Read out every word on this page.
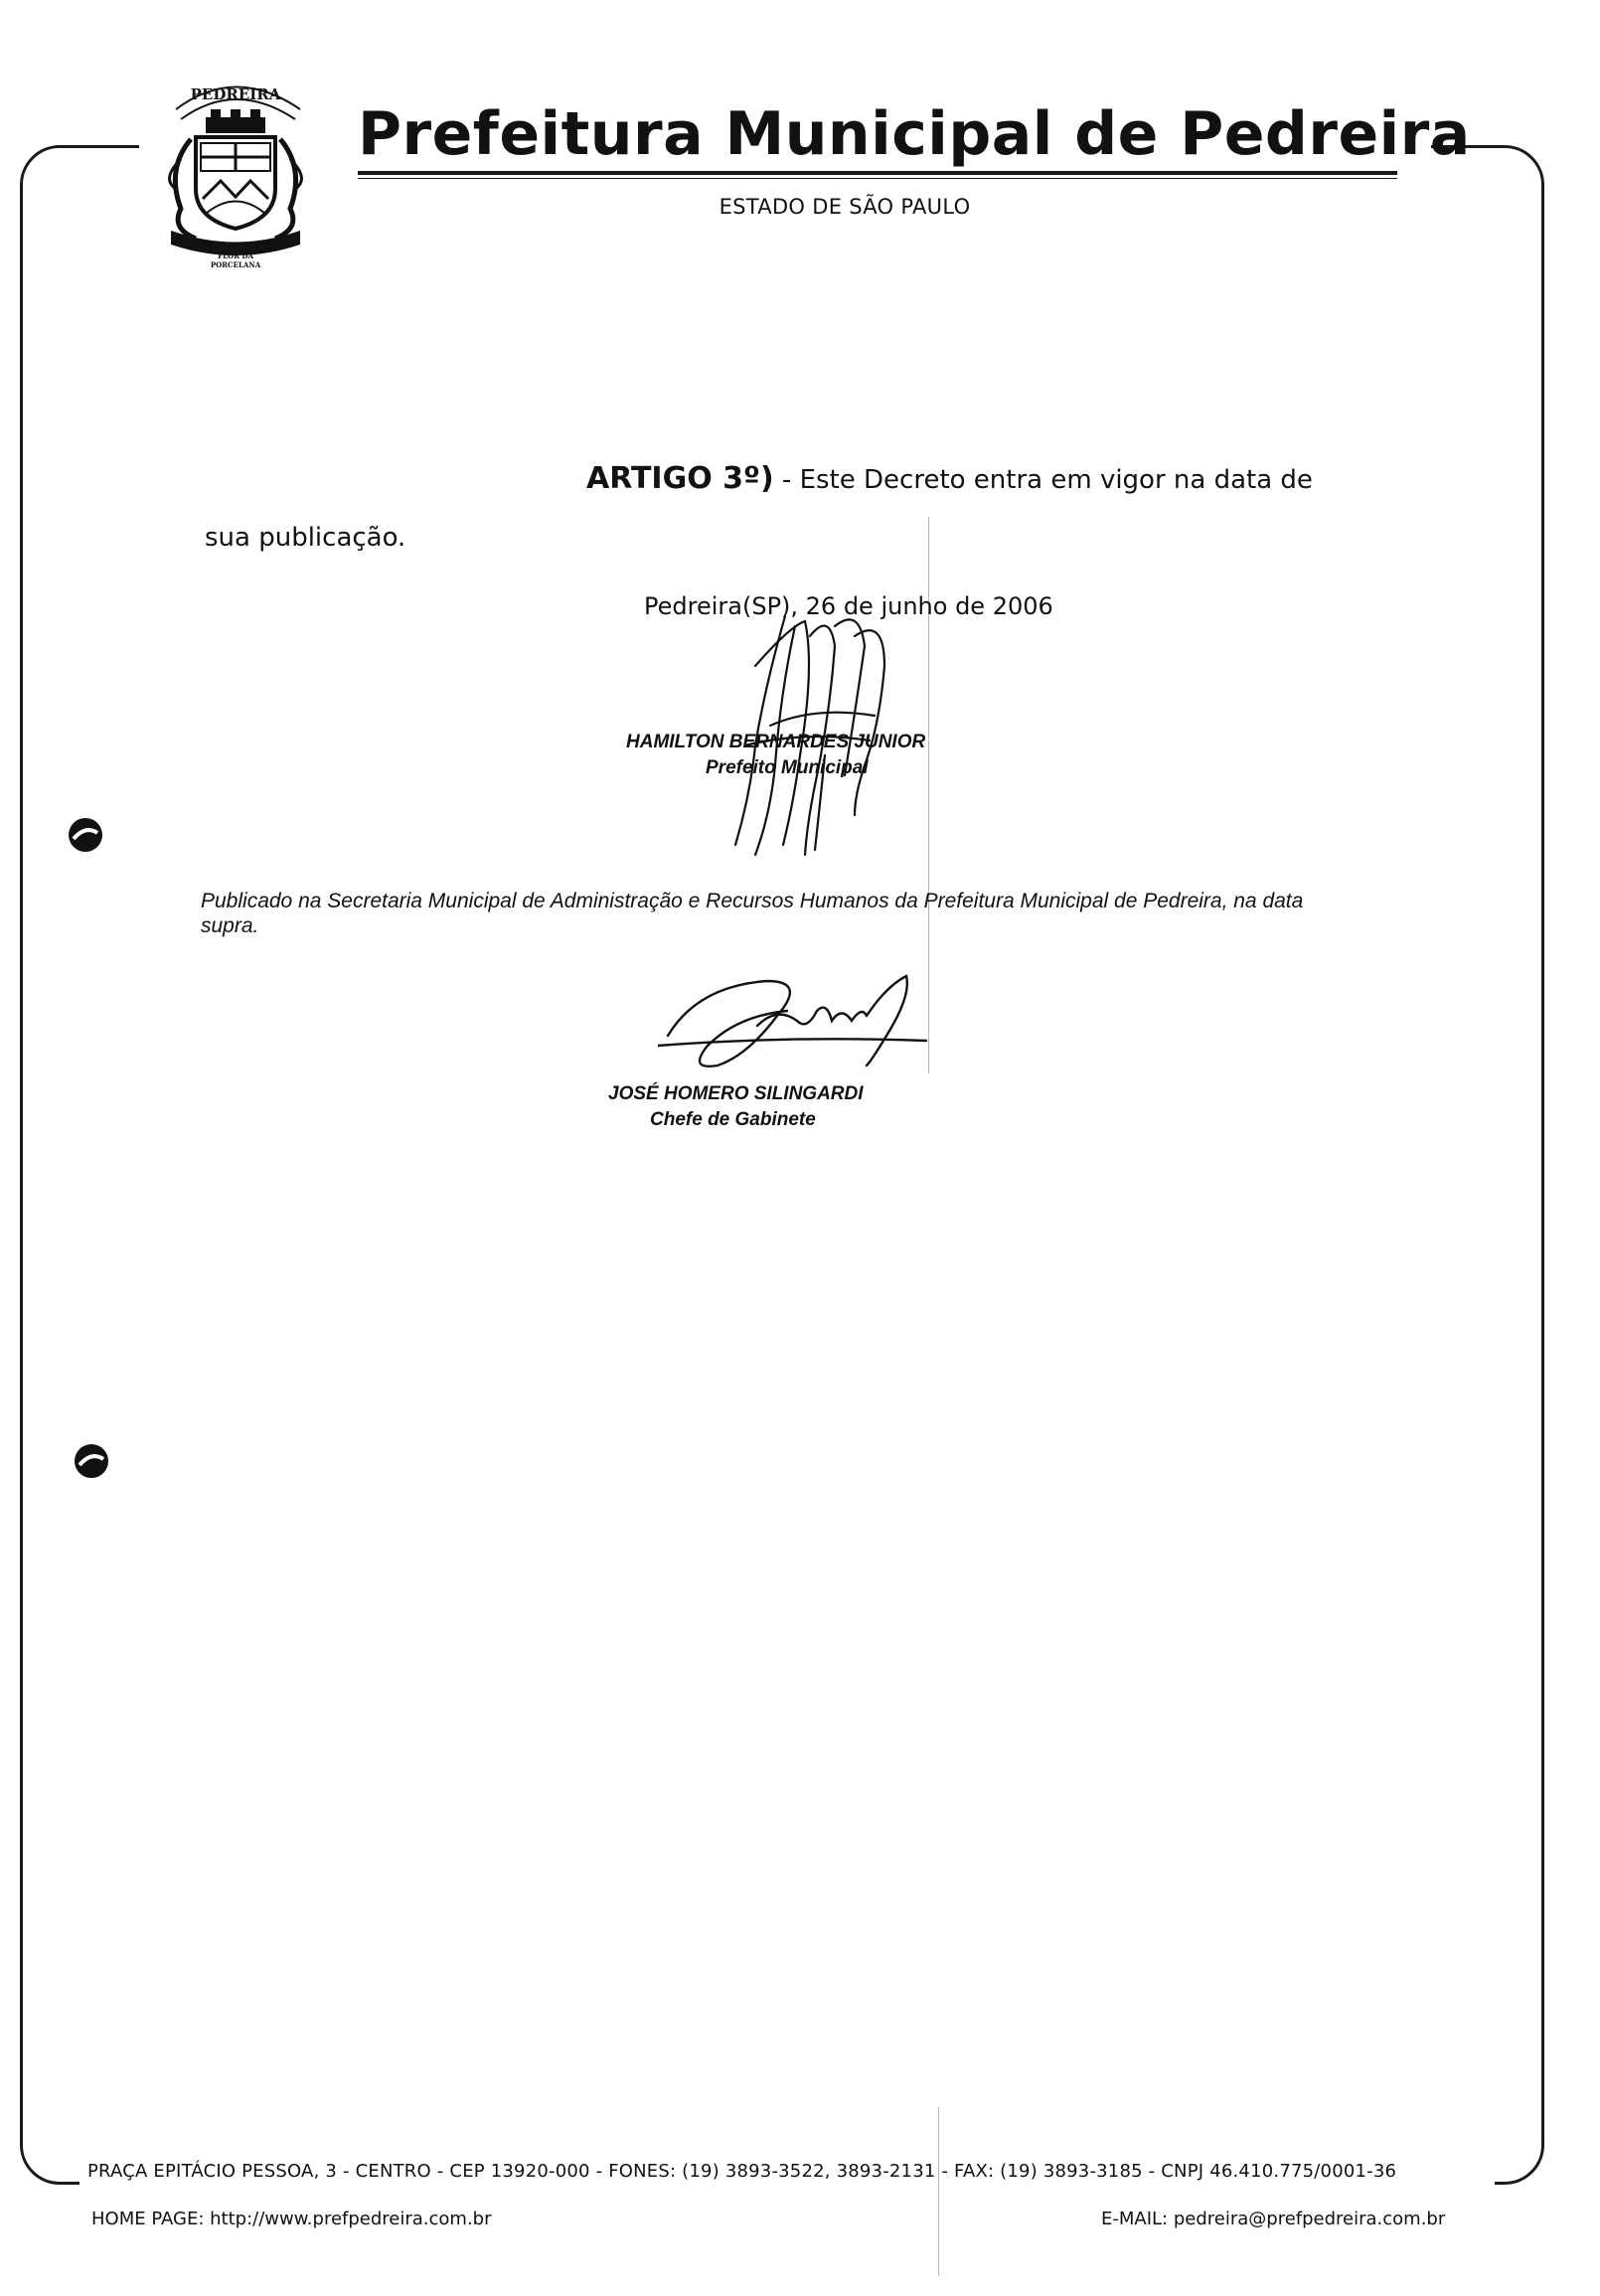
PEDREIRA
FLOR DA
PORCELANA
Prefeitura Municipal de Pedreira
ESTADO DE SÃO PAULO
ARTIGO 3º) - Este Decreto entra em vigor na data de
sua publicação.
Pedreira(SP), 26 de junho de 2006
HAMILTON BERNARDES JUNIOR
Prefeito Municipal
Publicado na Secretaria Municipal de Administração e Recursos Humanos da Prefeitura Municipal de Pedreira, na data supra.
JOSÉ HOMERO SILINGARDI
Chefe de Gabinete
PRAÇA EPITÁCIO PESSOA, 3 - CENTRO - CEP 13920-000 - FONES: (19) 3893-3522, 3893-2131 - FAX: (19) 3893-3185 - CNPJ 46.410.775/0001-36
HOME PAGE: http://www.prefpedreira.com.br	E-MAIL: pedreira@prefpedreira.com.br
